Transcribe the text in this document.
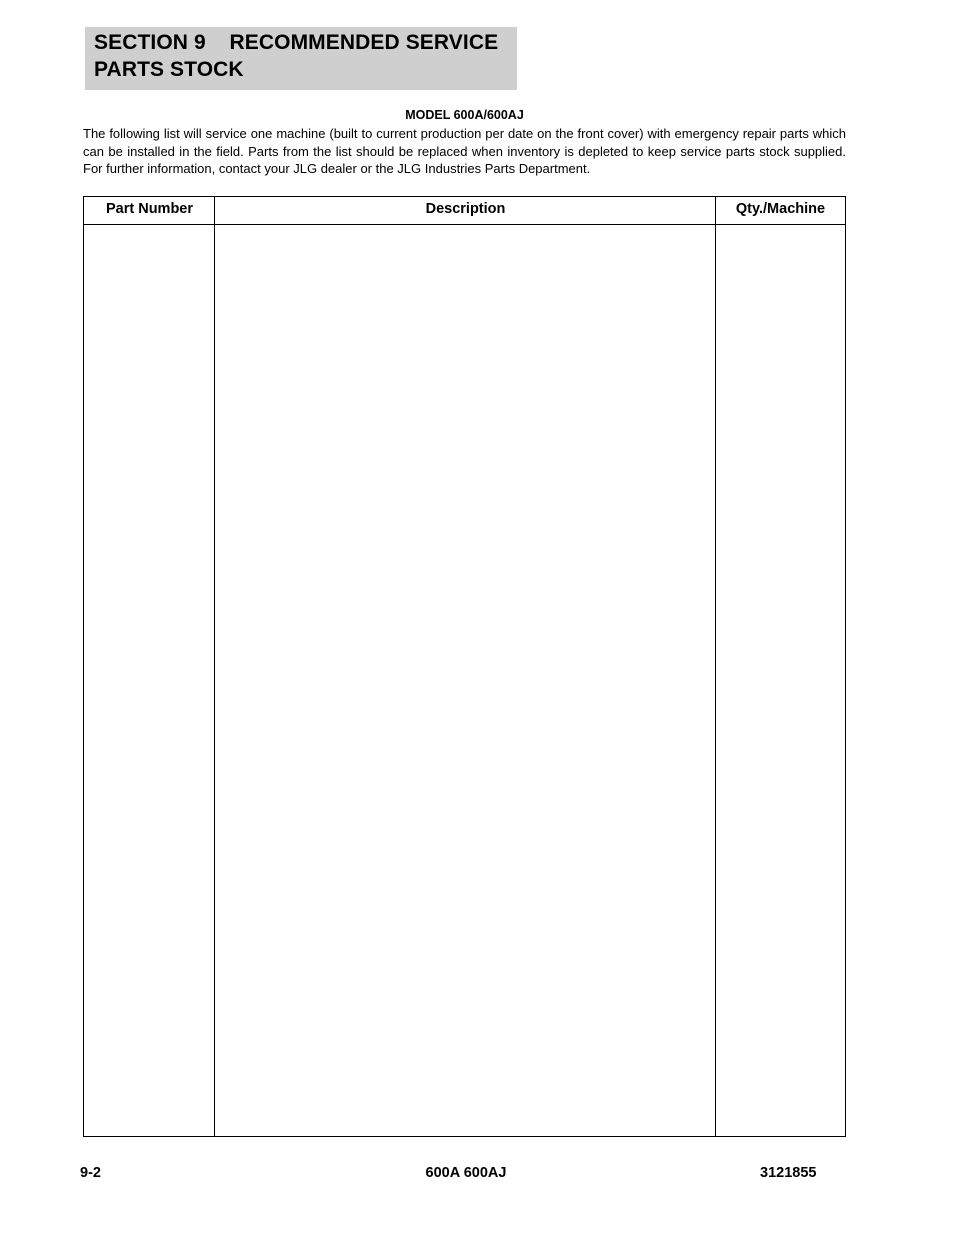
SECTION 9    RECOMMENDED SERVICE
PARTS STOCK
MODEL 600A/600AJ
The following list will service one machine (built to current production per date on the front cover) with emergency repair parts which can be installed in the field. Parts from the list should be replaced when inventory is depleted to keep service parts stock supplied. For further information, contact your JLG dealer or the JLG Industries Parts Department.
Part Number	Description	Qty./Machine
9-2	600A 600AJ	3121855
